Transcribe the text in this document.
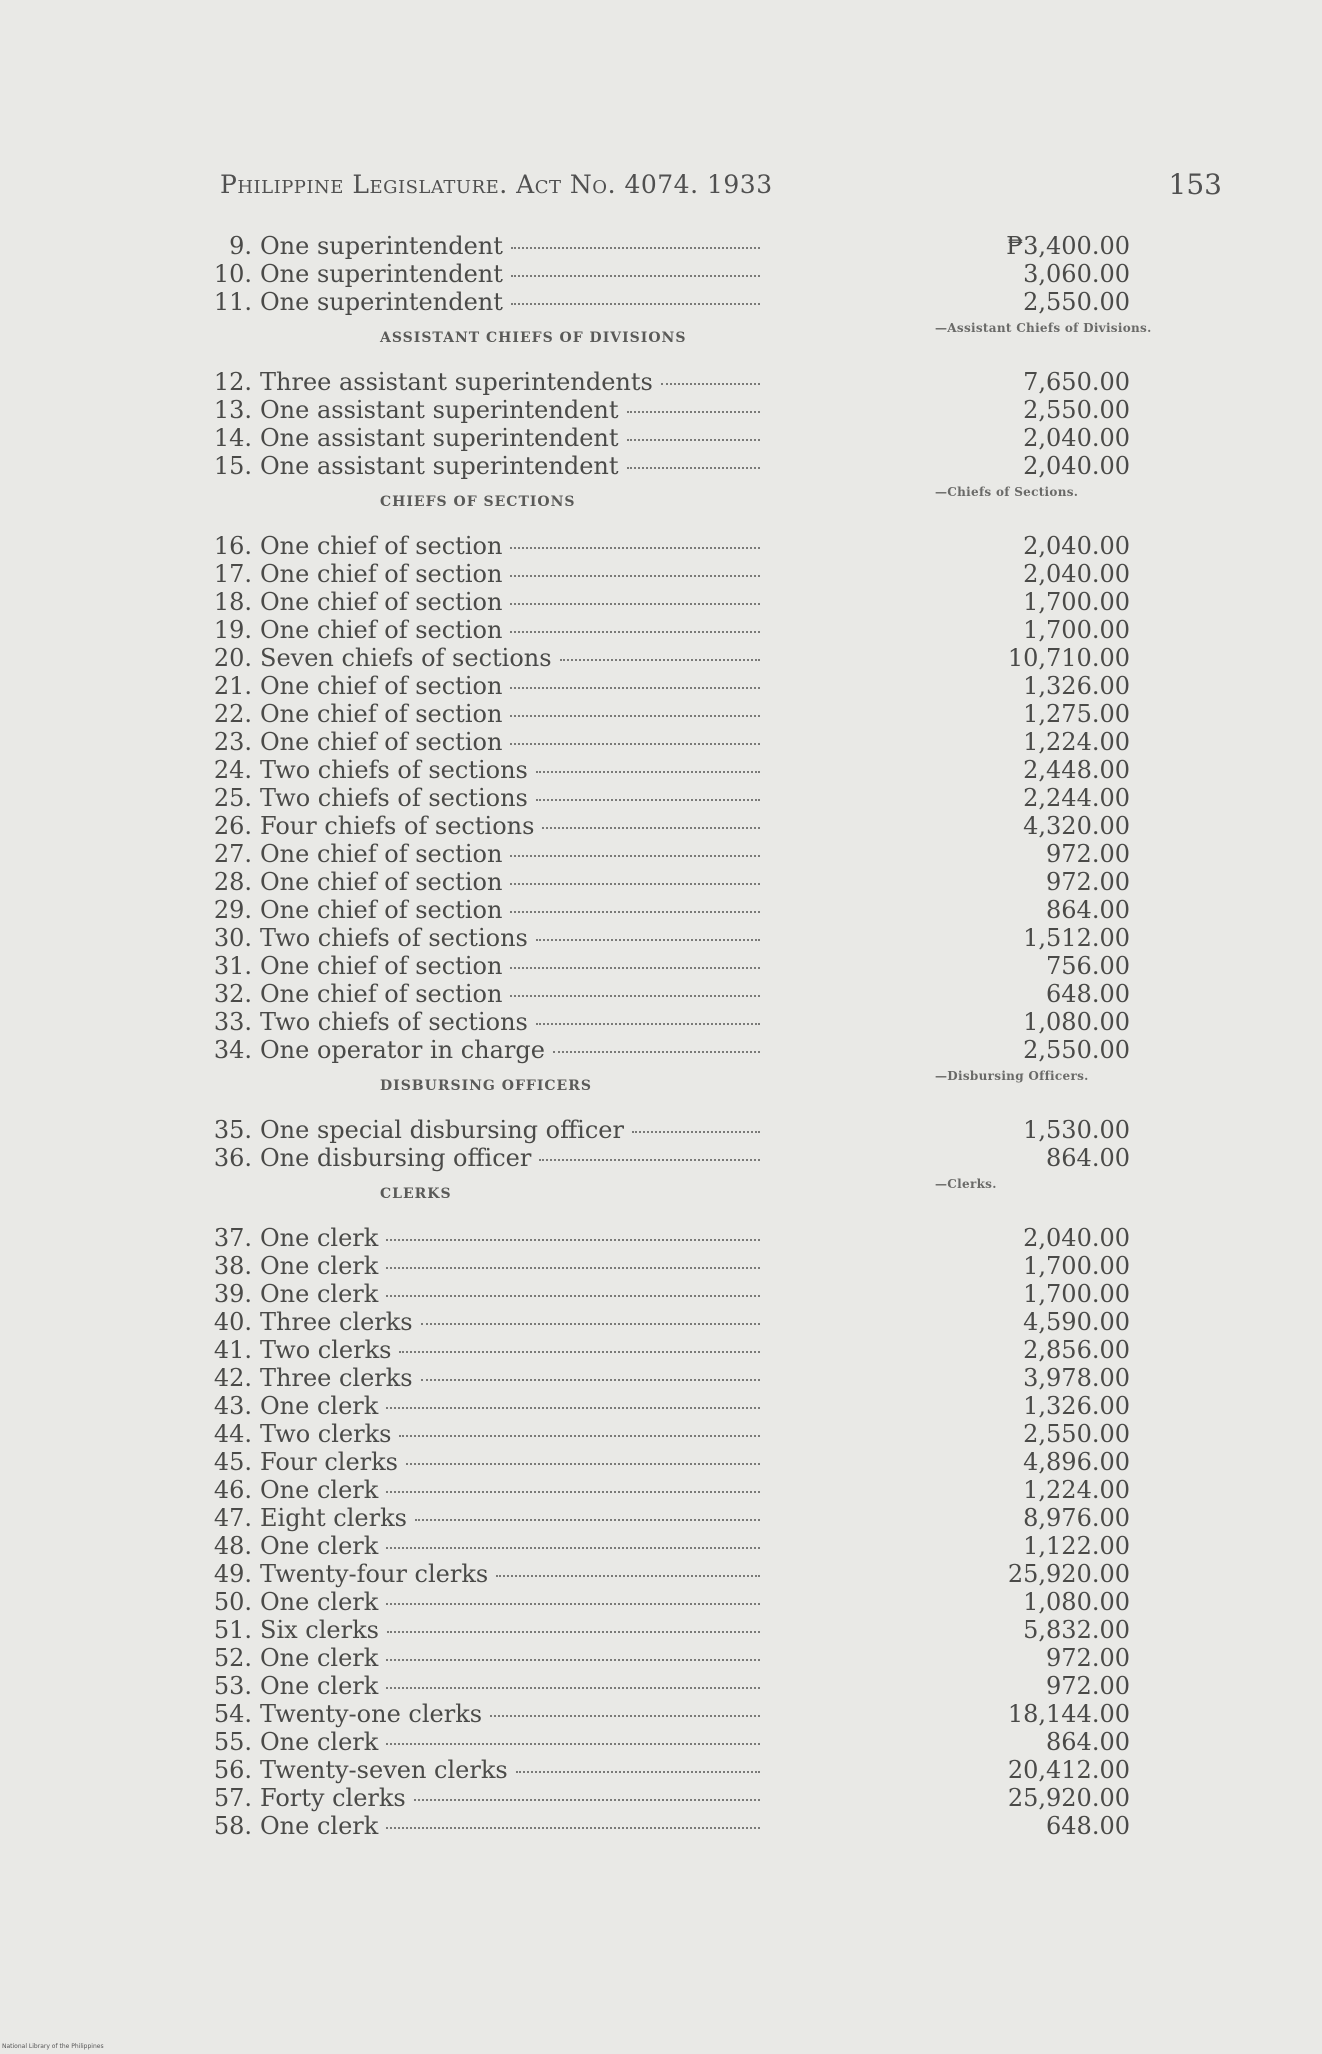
Philippine Legislature. Act No. 4074. 1933	153
9. One superintendent	₱3,400.00
10. One superintendent	3,060.00
11. One superintendent	2,550.00
ASSISTANT CHIEFS OF DIVISIONS
—Assistant Chiefs of Divisions.
12. Three assistant superintendents	7,650.00
13. One assistant superintendent	2,550.00
14. One assistant superintendent	2,040.00
15. One assistant superintendent	2,040.00
CHIEFS OF SECTIONS
—Chiefs of Sections.
16. One chief of section	2,040.00
17. One chief of section	2,040.00
18. One chief of section	1,700.00
19. One chief of section	1,700.00
20. Seven chiefs of sections	10,710.00
21. One chief of section	1,326.00
22. One chief of section	1,275.00
23. One chief of section	1,224.00
24. Two chiefs of sections	2,448.00
25. Two chiefs of sections	2,244.00
26. Four chiefs of sections	4,320.00
27. One chief of section	972.00
28. One chief of section	972.00
29. One chief of section	864.00
30. Two chiefs of sections	1,512.00
31. One chief of section	756.00
32. One chief of section	648.00
33. Two chiefs of sections	1,080.00
34. One operator in charge	2,550.00
DISBURSING OFFICERS
—Disbursing Officers.
35. One special disbursing officer	1,530.00
36. One disbursing officer	864.00
CLERKS
—Clerks.
37. One clerk	2,040.00
38. One clerk	1,700.00
39. One clerk	1,700.00
40. Three clerks	4,590.00
41. Two clerks	2,856.00
42. Three clerks	3,978.00
43. One clerk	1,326.00
44. Two clerks	2,550.00
45. Four clerks	4,896.00
46. One clerk	1,224.00
47. Eight clerks	8,976.00
48. One clerk	1,122.00
49. Twenty-four clerks	25,920.00
50. One clerk	1,080.00
51. Six clerks	5,832.00
52. One clerk	972.00
53. One clerk	972.00
54. Twenty-one clerks	18,144.00
55. One clerk	864.00
56. Twenty-seven clerks	20,412.00
57. Forty clerks	25,920.00
58. One clerk	648.00
National Library of the Philippines
